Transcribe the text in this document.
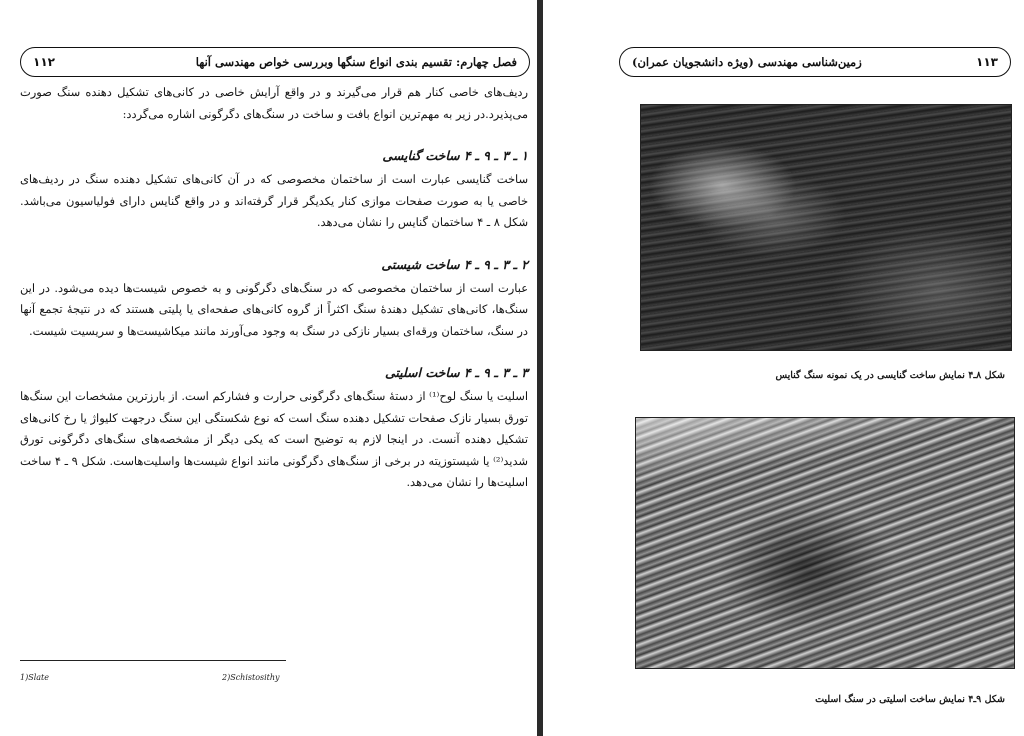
۱۱۲	فصل چهارم: تقسیم بندی انواع سنگها وبررسی خواص مهندسی آنها

ردیف‌های خاصی کنار هم قرار می‌گیرند و در واقع آرایش خاصی در کانی‌های تشکیل دهنده سنگ صورت می‌پذیرد.در زیر به مهم‌ترین انواع بافت و ساخت در سنگ‌های دگرگونی اشاره می‌گردد:

۱ ـ ۳ ـ ۹ ـ ۴ ساخت گنایسی

ساخت گنایسی عبارت است از ساختمان مخصوصی که در آن کانی‌های تشکیل دهنده سنگ در ردیف‌های خاصی یا به صورت صفحات موازی کنار یکدیگر قرار گرفته‌اند و در واقع گنایس دارای فولیاسیون می‌باشد. شکل ۸ ـ ۴ ساختمان گنایس را نشان می‌دهد.

۲ ـ ۳ ـ ۹ ـ ۴ ساخت شیستی

عبارت است از ساختمان مخصوصی که در سنگ‌های دگرگونی و به خصوص شیست‌ها دیده می‌شود. در این سنگ‌ها، کانی‌های تشکیل دهندهٔ سنگ اکثراً از گروه کانی‌های صفحه‌ای یا پلیتی هستند که در نتیجهٔ تجمع آنها در سنگ، ساختمان ورقه‌ای بسیار نازکی در سنگ به وجود می‌آورند مانند میکاشیست‌ها و سریسیت شیست.

۳ ـ ۳ ـ ۹ ـ ۴ ساخت اسلیتی

اسلیت یا سنگ لوح⁽¹⁾ از دستهٔ سنگ‌های دگرگونی حرارت و فشارکم است. از بارزترین مشخصات این سنگ‌ها تورق بسیار نازک صفحات تشکیل دهنده سنگ است که نوع شکستگی این سنگ درجهت کلیواژ یا رخ کانی‌های تشکیل دهنده آنست. در اینجا لازم به توضیح است که یکی دیگر از مشخصه‌های سنگ‌های دگرگونی تورق شدید⁽²⁾ یا شیستوزیته در برخی از سنگ‌های دگرگونی مانند انواع شیست‌ها واسلیت‌هاست. شکل ۹ ـ ۴ ساخت اسلیت‌ها را نشان می‌دهد.

1)Slate	2)Schistosithy
زمین‌شناسی مهندسی (ویژه دانشجویان عمران)	۱۱۳
شکل ۸ـ۴ نمایش ساخت گنایسی در یک نمونه سنگ گنایس
شکل ۹ـ۴ نمایش ساخت اسلیتی در سنگ اسلیت
